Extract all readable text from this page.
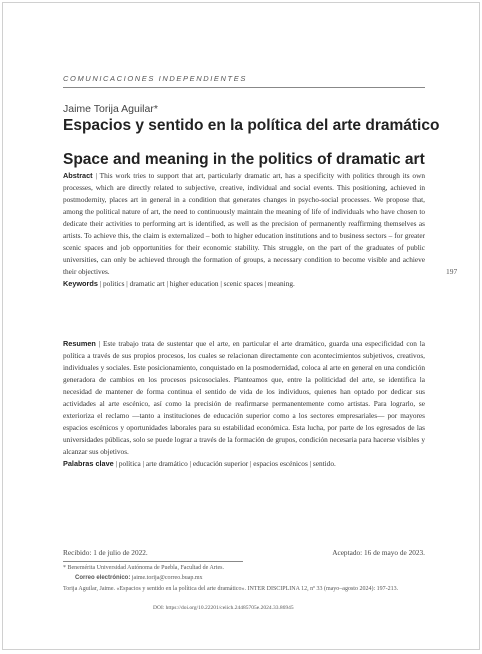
COMUNICACIONES INDEPENDIENTES
Jaime Torija Aguilar*
Espacios y sentido en la política del arte dramático
Space and meaning in the politics of dramatic art
Abstract | This work tries to support that art, particularly dramatic art, has a specificity with politics through its own processes, which are directly related to subjective, creative, individual and social events. This positioning, achieved in postmodernity, places art in general in a condition that generates changes in psycho-social processes. We propose that, among the political nature of art, the need to continuously maintain the meaning of life of individuals who have chosen to dedicate their activities to performing art is identified, as well as the precision of permanently reaffirming themselves as artists. To achieve this, the claim is externalized – both to higher education institutions and to business sectors – for greater scenic spaces and job opportunities for their economic stability. This struggle, on the part of the graduates of public universities, can only be achieved through the formation of groups, a necessary condition to become visible and achieve their objectives.
Keywords | politics | dramatic art | higher education | scenic spaces | meaning.
197
Resumen | Este trabajo trata de sustentar que el arte, en particular el arte dramático, guarda una especificidad con la política a través de sus propios procesos, los cuales se relacionan directamente con acontecimientos subjetivos, creativos, individuales y sociales. Este posicionamiento, conquistado en la posmodernidad, coloca al arte en general en una condición generadora de cambios en los procesos psicosociales. Planteamos que, entre la politicidad del arte, se identifica la necesidad de mantener de forma continua el sentido de vida de los individuos, quienes han optado por dedicar sus actividades al arte escénico, así como la precisión de reafirmarse permanentemente como artistas. Para lograrlo, se exterioriza el reclamo —tanto a instituciones de educación superior como a los sectores empresariales— por mayores espacios escénicos y oportunidades laborales para su estabilidad económica. Esta lucha, por parte de los egresados de las universidades públicas, solo se puede lograr a través de la formación de grupos, condición necesaria para hacerse visibles y alcanzar sus objetivos.
Palabras clave | política | arte dramático | educación superior | espacios escénicos | sentido.
Recibido: 1 de julio de 2022.	Aceptado: 16 de mayo de 2023.
* Benemérita Universidad Autónoma de Puebla, Facultad de Artes.
Correo electrónico: jaime.torija@correo.buap.mx
Torija Aguilar, Jaime. «Espacios y sentido en la política del arte dramático». INTER DISCIPLINA 12, nº 33 (mayo–agosto 2024): 197-213.
DOI: https://doi.org/10.22201/ceiich.24485705e.2024.33.86945
